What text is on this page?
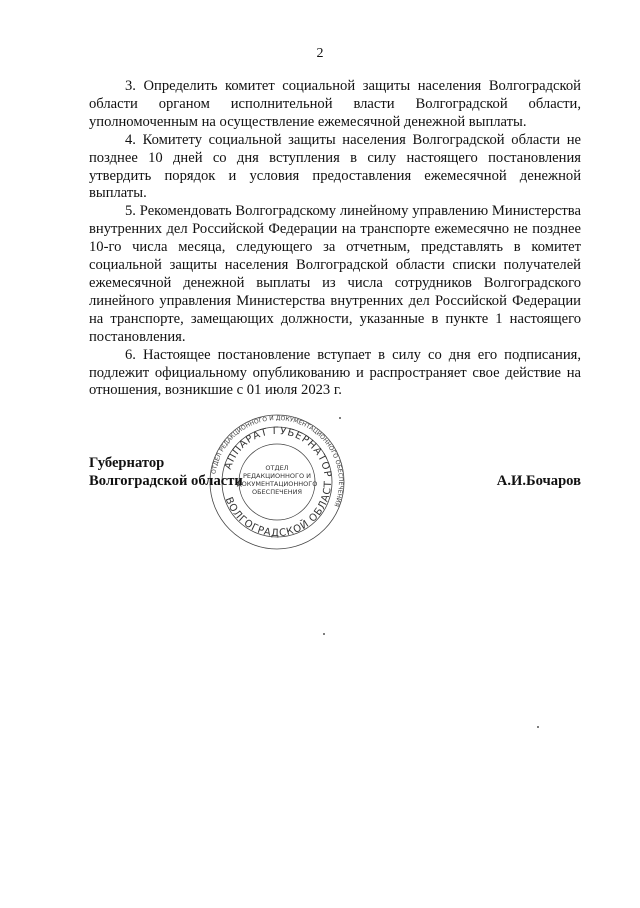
2

3. Определить комитет социальной защиты населения Волгоградской области органом исполнительной власти Волгоградской области, уполномоченным на осуществление ежемесячной денежной выплаты.

4. Комитету социальной защиты населения Волгоградской области не позднее 10 дней со дня вступления в силу настоящего постановления утвердить порядок и условия предоставления ежемесячной денежной выплаты.

5. Рекомендовать Волгоградскому линейному управлению Министерства внутренних дел Российской Федерации на транспорте ежемесячно не позднее 10-го числа месяца, следующего за отчетным, представлять в комитет социальной защиты населения Волгоградской области списки получателей ежемесячной денежной выплаты из числа сотрудников Волгоградского линейного управления Министерства внутренних дел Российской Федерации на транспорте, замещающих должности, указанные в пункте 1 настоящего постановления.

6. Настоящее постановление вступает в силу со дня его подписания, подлежит официальному опубликованию и распространяет свое действие на отношения, возникшие с 01 июля 2023 г.

ОТДЕЛ РЕДАКЦИОННОГО И ДОКУМЕНТАЦИОННОГО ОБЕСПЕЧЕНИЯ
АППАРАТ ГУБЕРНАТОР
ВОЛГОГРАДСКОЙ ОБЛАСТ
ОТДЕЛ
РЕДАКЦИОННОГО И
ДОКУМЕНТАЦИОННОГО
ОБЕСПЕЧЕНИЯ
Губернатор
Волгоградской области	А.И.Бочаров
